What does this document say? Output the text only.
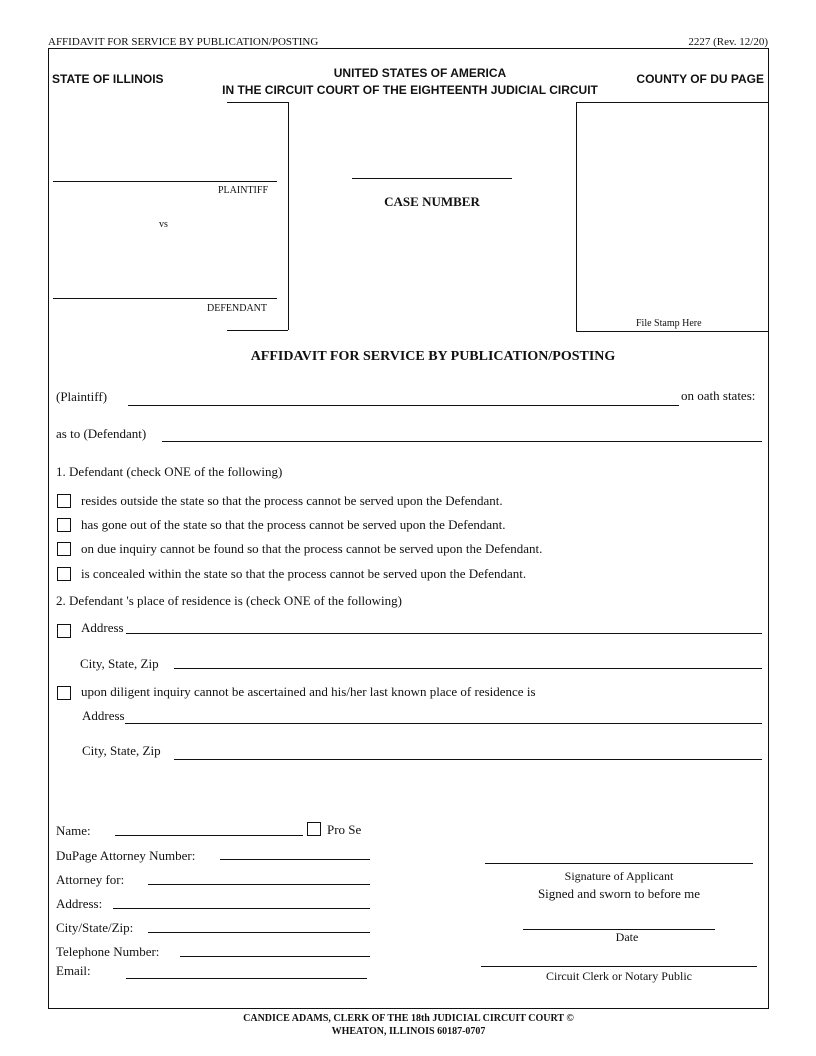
AFFIDAVIT FOR SERVICE BY PUBLICATION/POSTING	2227 (Rev. 12/20)
STATE OF ILLINOIS	UNITED STATES OF AMERICA
IN THE CIRCUIT COURT OF THE EIGHTEENTH JUDICIAL CIRCUIT
COUNTY OF DU PAGE
PLAINTIFF
vs
DEFENDANT
CASE NUMBER
File Stamp Here
AFFIDAVIT FOR SERVICE BY PUBLICATION/POSTING
(Plaintiff)	on oath states:
as to (Defendant)
1. Defendant (check ONE of the following)
resides outside the state so that the process cannot be served upon the Defendant.
has gone out of the state so that the process cannot be served upon the Defendant.
on due inquiry cannot be found so that the process cannot be served upon the Defendant.
is concealed within the state so that the process cannot be served upon the Defendant.
2. Defendant 's place of residence is (check ONE of the following)
Address
City, State, Zip
upon diligent inquiry cannot be ascertained and his/her last known place of residence is
Address
City, State, Zip
Name:	Pro Se
DuPage Attorney Number:
Attorney for:
Address:
City/State/Zip:
Telephone Number:
Email:
Signature of Applicant
Signed and sworn to before me
Date
Circuit Clerk or Notary Public
CANDICE ADAMS, CLERK OF THE 18th JUDICIAL CIRCUIT COURT ©
WHEATON, ILLINOIS 60187-0707
